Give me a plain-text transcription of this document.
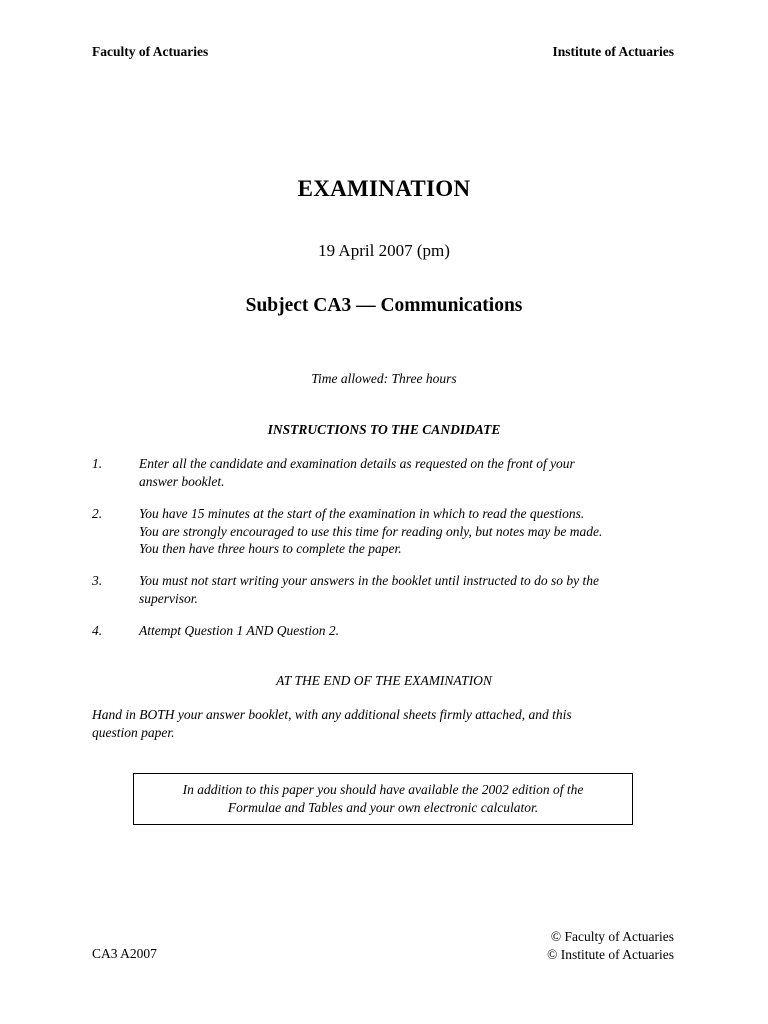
Faculty of Actuaries	Institute of Actuaries
EXAMINATION
19 April 2007 (pm)
Subject CA3 — Communications
Time allowed: Three hours
INSTRUCTIONS TO THE CANDIDATE
1.	Enter all the candidate and examination details as requested on the front of your
answer booklet.
2.	You have 15 minutes at the start of the examination in which to read the questions.
You are strongly encouraged to use this time for reading only, but notes may be made.
You then have three hours to complete the paper.
3.	You must not start writing your answers in the booklet until instructed to do so by the
supervisor.
4.	Attempt Question 1 AND Question 2.
AT THE END OF THE EXAMINATION
Hand in BOTH your answer booklet, with any additional sheets firmly attached, and this
question paper.
In addition to this paper you should have available the 2002 edition of the
Formulae and Tables and your own electronic calculator.
CA3 A2007
© Faculty of Actuaries
© Institute of Actuaries
